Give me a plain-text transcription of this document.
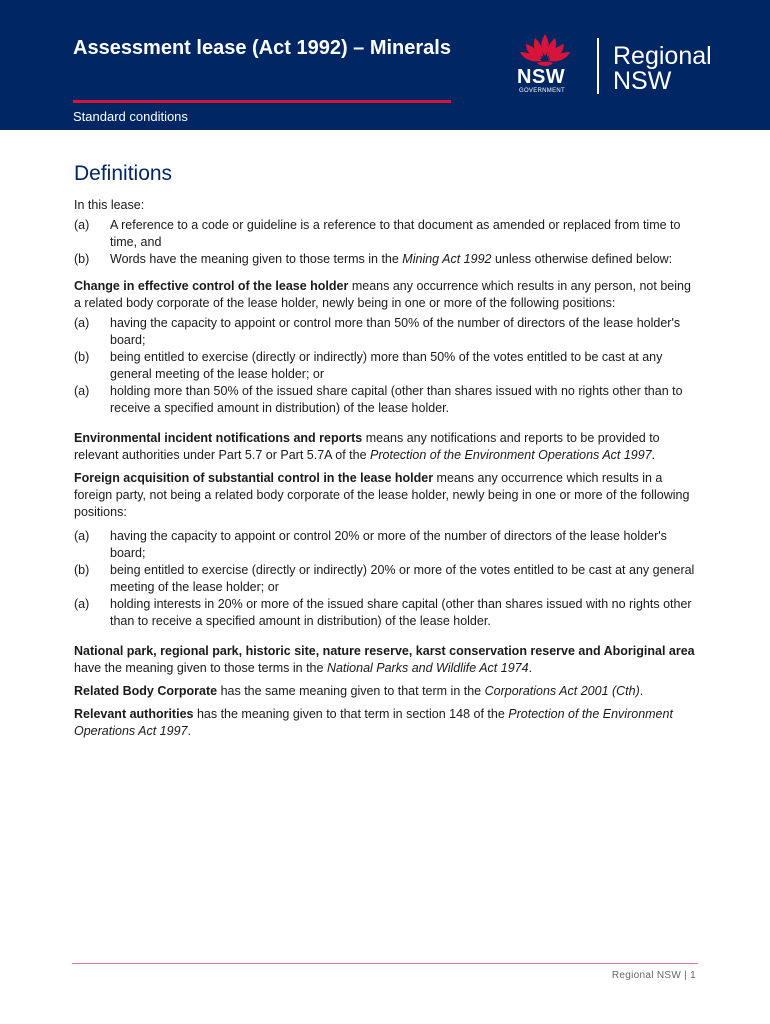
Assessment lease (Act 1992) – Minerals
Standard conditions
NSW
GOVERNMENT
Regional
NSW
Definitions

In this lease:

(a) A reference to a code or guideline is a reference to that document as amended or replaced from time to time, and
(b) Words have the meaning given to those terms in the Mining Act 1992 unless otherwise defined below:

Change in effective control of the lease holder means any occurrence which results in any person, not being a related body corporate of the lease holder, newly being in one or more of the following positions:

(a) having the capacity to appoint or control more than 50% of the number of directors of the lease holder's board;
(b) being entitled to exercise (directly or indirectly) more than 50% of the votes entitled to be cast at any general meeting of the lease holder; or
(a) holding more than 50% of the issued share capital (other than shares issued with no rights other than to receive a specified amount in distribution) of the lease holder.

Environmental incident notifications and reports means any notifications and reports to be provided to relevant authorities under Part 5.7 or Part 5.7A of the Protection of the Environment Operations Act 1997.

Foreign acquisition of substantial control in the lease holder means any occurrence which results in a foreign party, not being a related body corporate of the lease holder, newly being in one or more of the following positions:

(a) having the capacity to appoint or control 20% or more of the number of directors of the lease holder's board;
(b) being entitled to exercise (directly or indirectly) 20% or more of the votes entitled to be cast at any general meeting of the lease holder; or
(a) holding interests in 20% or more of the issued share capital (other than shares issued with no rights other than to receive a specified amount in distribution) of the lease holder.

National park, regional park, historic site, nature reserve, karst conservation reserve and Aboriginal area have the meaning given to those terms in the National Parks and Wildlife Act 1974.

Related Body Corporate has the same meaning given to that term in the Corporations Act 2001 (Cth).

Relevant authorities has the meaning given to that term in section 148 of the Protection of the Environment Operations Act 1997.

Regional NSW | 1
